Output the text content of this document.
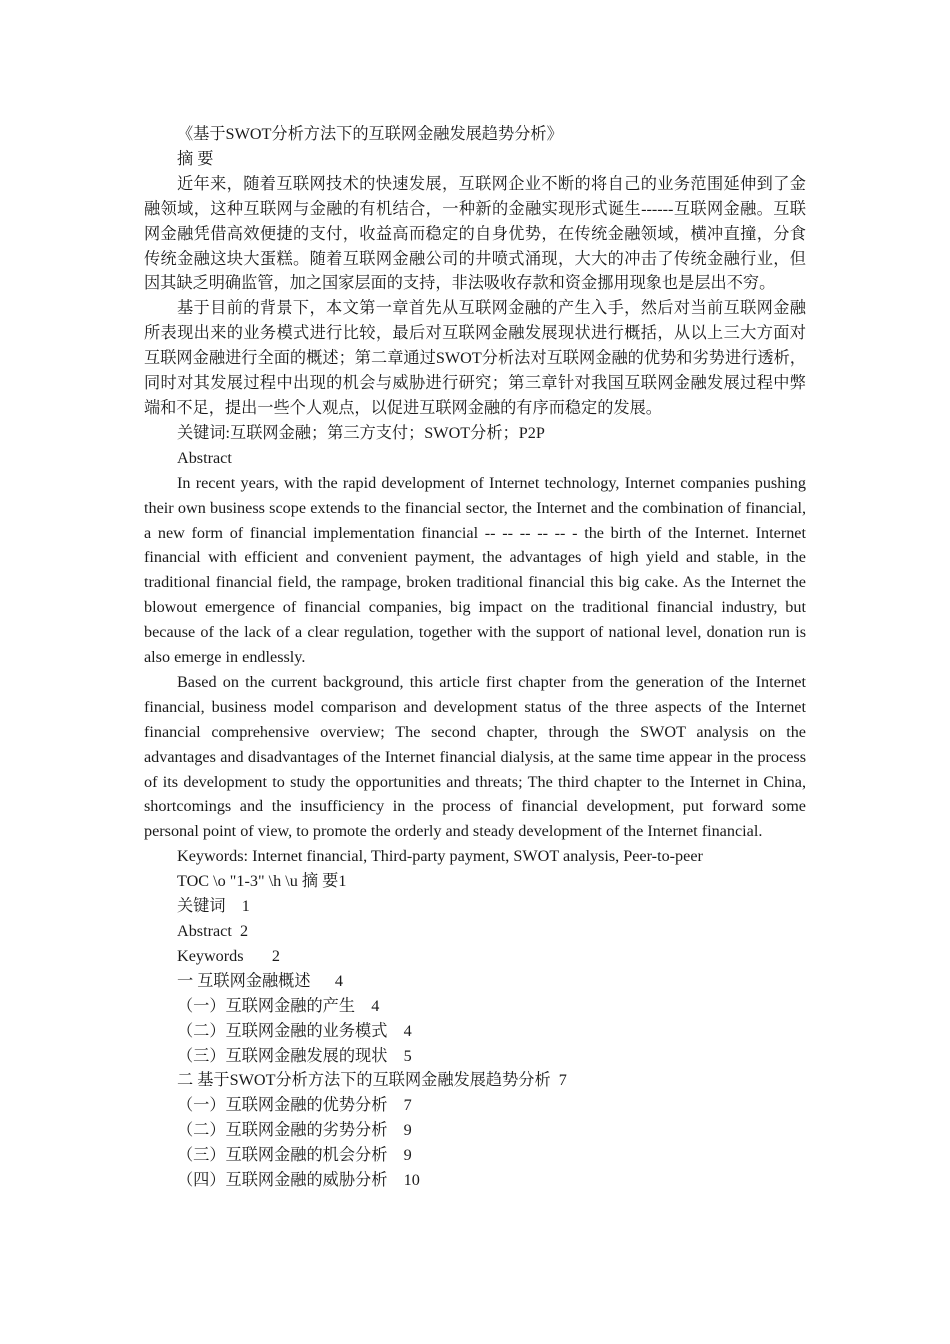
《基于SWOT分析方法下的互联网金融发展趋势分析》

摘 要

近年来，随着互联网技术的快速发展，互联网企业不断的将自己的业务范围延伸到了金融领域，这种互联网与金融的有机结合，一种新的金融实现形式诞生------互联网金融。互联网金融凭借高效便捷的支付，收益高而稳定的自身优势，在传统金融领域，横冲直撞，分食传统金融这块大蛋糕。随着互联网金融公司的井喷式涌现，大大的冲击了传统金融行业，但因其缺乏明确监管，加之国家层面的支持，非法吸收存款和资金挪用现象也是层出不穷。

基于目前的背景下，本文第一章首先从互联网金融的产生入手，然后对当前互联网金融所表现出来的业务模式进行比较，最后对互联网金融发展现状进行概括，从以上三大方面对互联网金融进行全面的概述；第二章通过SWOT分析法对互联网金融的优势和劣势进行透析，同时对其发展过程中出现的机会与威胁进行研究；第三章针对我国互联网金融发展过程中弊端和不足，提出一些个人观点，以促进互联网金融的有序而稳定的发展。

关键词:互联网金融；第三方支付；SWOT分析；P2P

Abstract

In recent years, with the rapid development of Internet technology, Internet companies pushing their own business scope extends to the financial sector, the Internet and the combination of financial, a new form of financial implementation financial -- -- -- -- -- - the birth of the Internet. Internet financial with efficient and convenient payment, the advantages of high yield and stable, in the traditional financial field, the rampage, broken traditional financial this big cake. As the Internet the blowout emergence of financial companies, big impact on the traditional financial industry, but because of the lack of a clear regulation, together with the support of national level, donation run is also emerge in endlessly.

Based on the current background, this article first chapter from the generation of the Internet financial, business model comparison and development status of the three aspects of the Internet financial comprehensive overview; The second chapter, through the SWOT analysis on the advantages and disadvantages of the Internet financial dialysis, at the same time appear in the process of its development to study the opportunities and threats; The third chapter to the Internet in China, shortcomings and the insufficiency in the process of financial development, put forward some personal point of view, to promote the orderly and steady development of the Internet financial.

Keywords: Internet financial, Third-party payment, SWOT analysis, Peer-to-peer

TOC \o "1-3" \h \u 摘 要1

关键词 1

Abstract 2

Keywords 2

一 互联网金融概述 4

（一）互联网金融的产生 4

（二）互联网金融的业务模式 4

（三）互联网金融发展的现状 5

二 基于SWOT分析方法下的互联网金融发展趋势分析 7

（一）互联网金融的优势分析 7

（二）互联网金融的劣势分析 9

（三）互联网金融的机会分析 9

（四）互联网金融的威胁分析 10
